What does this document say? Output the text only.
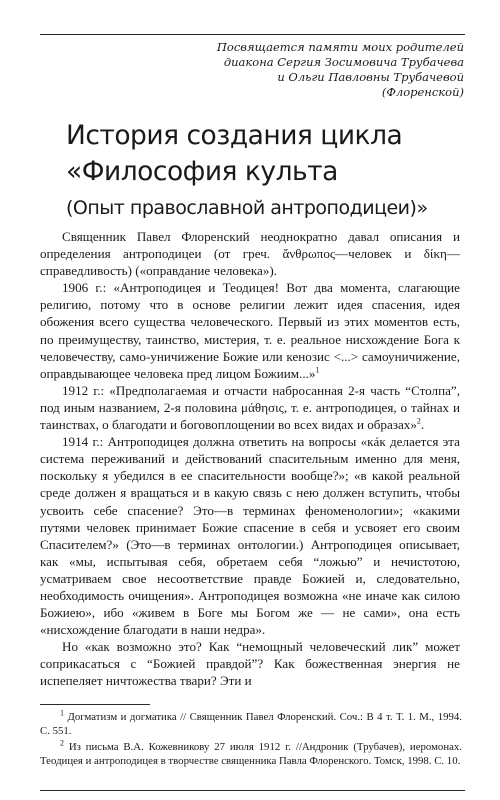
Посвящается памяти моих родителей
диакона Сергия Зосимовича Трубачева
и Ольги Павловны Трубачевой
(Флоренской)
История создания цикла
«Философия культа
(Опыт православной антроподицеи)»

Священник Павел Флоренский неоднократно давал описания и определения антроподицеи (от греч. ἄνθρωπος—человек и δίκη—справедливость) («оправдание человека»).

1906 г.: «Антроподицея и Теодицея! Вот два момента, слагающие религию, потому что в основе религии лежит идея спасения, идея обожения всего существа человеческого. Первый из этих моментов есть, по преимуществу, таинство, мистерия, т. е. реальное нисхождение Бога к человечеству, само-уничижение Божие или кенозис <...> самоуничижение, оправдывающее человека пред лицом Божиим...»$^1$

1912 г.: «Предполагаемая и отчасти набросанная 2-я часть “Столпа”, под иным названием, 2-я половина μάθησις, т. е. антроподицея, о тайнах и таинствах, о благодати и боговоплощении во всех видах и образах»$^2$.

1914 г.: Антроподицея должна ответить на вопросы «кáк делается эта система переживаний и действований спасительным именно для меня, поскольку я убедился в ее спасительности вообще?»; «в какой реальной среде должен я вращаться и в какую связь с нею должен вступить, чтобы усвоить себе спасение? Это—в терминах феноменологии»; «какими путями человек принимает Божие спасение в себя и усвояет его своим Спасителем?» (Это—в терминах онтологии.) Антроподицея описывает, как «мы, испытывая себя, обретаем себя “ложью” и нечистотою, усматриваем свое несоответствие правде Божией и, следовательно, необходимость очищения». Антроподицея возможна «не иначе как силою Божиею», ибо «живем в Боге мы Богом же — не сами», она есть «нисхождение благодати в наши недра».

Но «как возможно это? Как “немощный человеческий лик” может соприкасаться с “Божией правдой”? Как божественная энергия не испепеляет ничтожества твари? Эти и

$^1$ Догматизм и догматика // Священник Павел Флоренский. Соч.: В 4 т. Т. 1. М., 1994. С. 551.

$^2$ Из письма В.А. Кожевникову 27 июля 1912 г. //Андроник (Трубачев), иеромонах. Теодицея и антроподицея в творчестве священника Павла Флоренского. Томск, 1998. С. 10.
